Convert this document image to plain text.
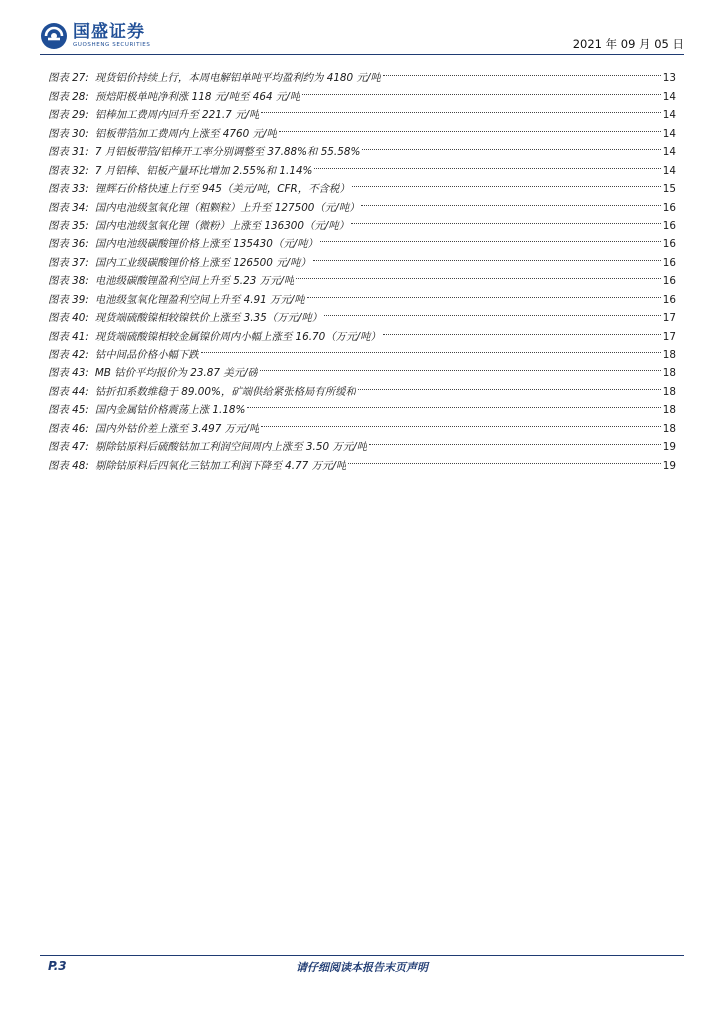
国盛证券
GUOSHENG SECURITIES	2021 年 09 月 05 日
图表 27: 现货铝价持续上行，本周电解铝单吨平均盈利约为 4180 元/吨	13
图表 28: 预焙阳极单吨净利涨 118 元/吨至 464 元/吨	14
图表 29: 铝棒加工费周内回升至 221.7 元/吨	14
图表 30: 铝板带箔加工费周内上涨至 4760 元/吨	14
图表 31: 7 月铝板带箔/铝棒开工率分别调整至 37.88%和 55.58%	14
图表 32: 7 月铝棒、铝板产量环比增加 2.55%和 1.14%	14
图表 33: 锂辉石价格快速上行至 945（美元/吨，CFR，不含税）	15
图表 34: 国内电池级氢氧化锂（粗颗粒）上升至 127500（元/吨）	16
图表 35: 国内电池级氢氧化锂（微粉）上涨至 136300（元/吨）	16
图表 36: 国内电池级碳酸锂价格上涨至 135430（元/吨）	16
图表 37: 国内工业级碳酸锂价格上涨至 126500 元/吨）	16
图表 38: 电池级碳酸锂盈利空间上升至 5.23 万元/吨	16
图表 39: 电池级氢氧化锂盈利空间上升至 4.91 万元/吨	16
图表 40: 现货端硫酸镍相较镍铁价上涨至 3.35（万元/吨）	17
图表 41: 现货端硫酸镍相较金属镍价周内小幅上涨至 16.70（万元/吨）	17
图表 42: 钴中间品价格小幅下跌	18
图表 43: MB 钴价平均报价为 23.87 美元/磅	18
图表 44: 钴折扣系数维稳于 89.00%，矿端供给紧张格局有所缓和	18
图表 45: 国内金属钴价格震荡上涨 1.18%	18
图表 46: 国内外钴价差上涨至 3.497 万元/吨	18
图表 47: 剔除钴原料后硫酸钴加工利润空间周内上涨至 3.50 万元/吨	19
图表 48: 剔除钴原料后四氧化三钴加工利润下降至 4.77 万元/吨	19
P.3	请仔细阅读本报告末页声明
